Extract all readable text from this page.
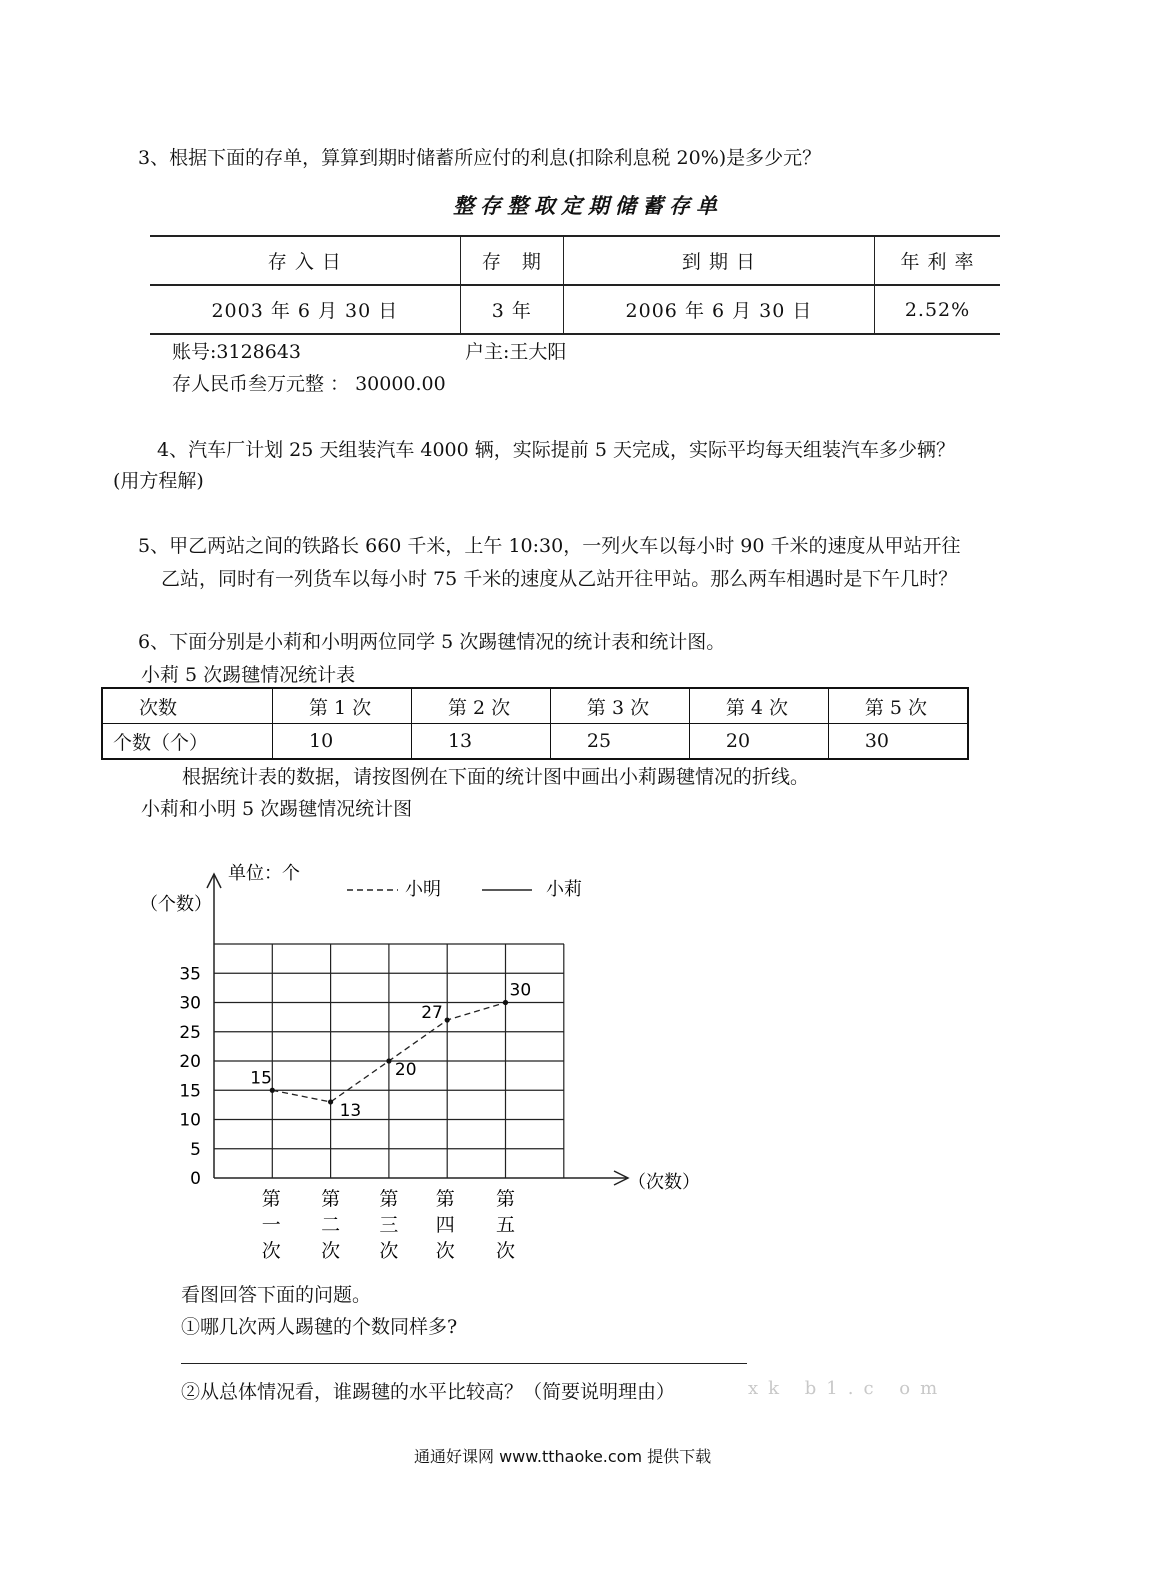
3、根据下面的存单，算算到期时储蓄所应付的利息(扣除利息税 20%)是多少元？
整存整取定期储蓄存单
存 入 日	存　期	到 期 日	年 利 率
2003 年 6 月 30 日	3 年	2006 年 6 月 30 日	2.52%
账号:3128643	户主:王大阳
存人民币叁万元整 ： 30000.00
4、汽车厂计划 25 天组装汽车 4000 辆，实际提前 5 天完成，实际平均每天组装汽车多少辆？
(用方程解)
5、甲乙两站之间的铁路长 660 千米，上午 10:30，一列火车以每小时 90 千米的速度从甲站开往
乙站，同时有一列货车以每小时 75 千米的速度从乙站开往甲站。那么两车相遇时是下午几时？
6、下面分别是小莉和小明两位同学 5 次踢毽情况的统计表和统计图。
小莉 5 次踢毽情况统计表
次数	第 1 次	第 2 次	第 3 次	第 4 次	第 5 次
个数（个）	10	13	25	20	30
根据统计表的数据，请按图例在下面的统计图中画出小莉踢毽情况的折线。
小莉和小明 5 次踢毽情况统计图
0
5
10
15
20
25
30
35
第一次
第二次
第三次
第四次
第五次
（个数）
（次数）
单位：个
小明	小莉
15
13
20
27
30
看图回答下面的问题。
①哪几次两人踢毽的个数同样多?
②从总体情况看，谁踢毽的水平比较高？（简要说明理由）	xk b1.c om
通通好课网 www.tthaoke.com 提供下载
